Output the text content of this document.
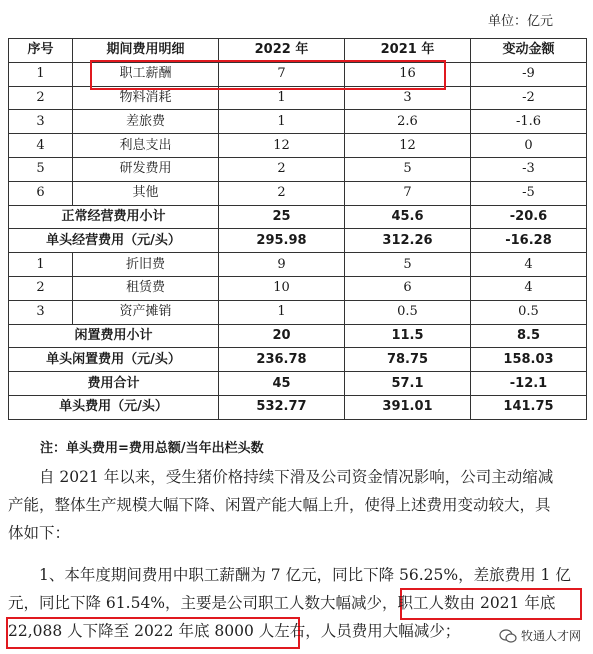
单位：亿元
序号	期间费用明细	2022 年	2021 年	变动金额
1	职工薪酬	7	16	-9
2	物料消耗	1	3	-2
3	差旅费	1	2.6	-1.6
4	利息支出	12	12	0
5	研发费用	2	5	-3
6	其他	2	7	-5
正常经营费用小计		25	45.6	-20.6
单头经营费用（元/头）		295.98	312.26	-16.28
1	折旧费	9	5	4
2	租赁费	10	6	4
3	资产摊销	1	0.5	0.5
闲置费用小计		20	11.5	8.5
单头闲置费用（元/头）		236.78	78.75	158.03
费用合计		45	57.1	-12.1
单头费用（元/头）		532.77	391.01	141.75
注：单头费用=费用总额/当年出栏头数
自 2021 年以来，受生猪价格持续下滑及公司资金情况影响，公司主动缩减
产能，整体生产规模大幅下降、闲置产能大幅上升，使得上述费用变动较大，具
体如下：
1、本年度期间费用中职工薪酬为 7 亿元，同比下降 56.25%，差旅费用 1 亿
元，同比下降 61.54%，主要是公司职工人数大幅减少，职工人数由 2021 年底
22,088 人下降至 2022 年底 8000 人左右，人员费用大幅减少；	牧通人才网
